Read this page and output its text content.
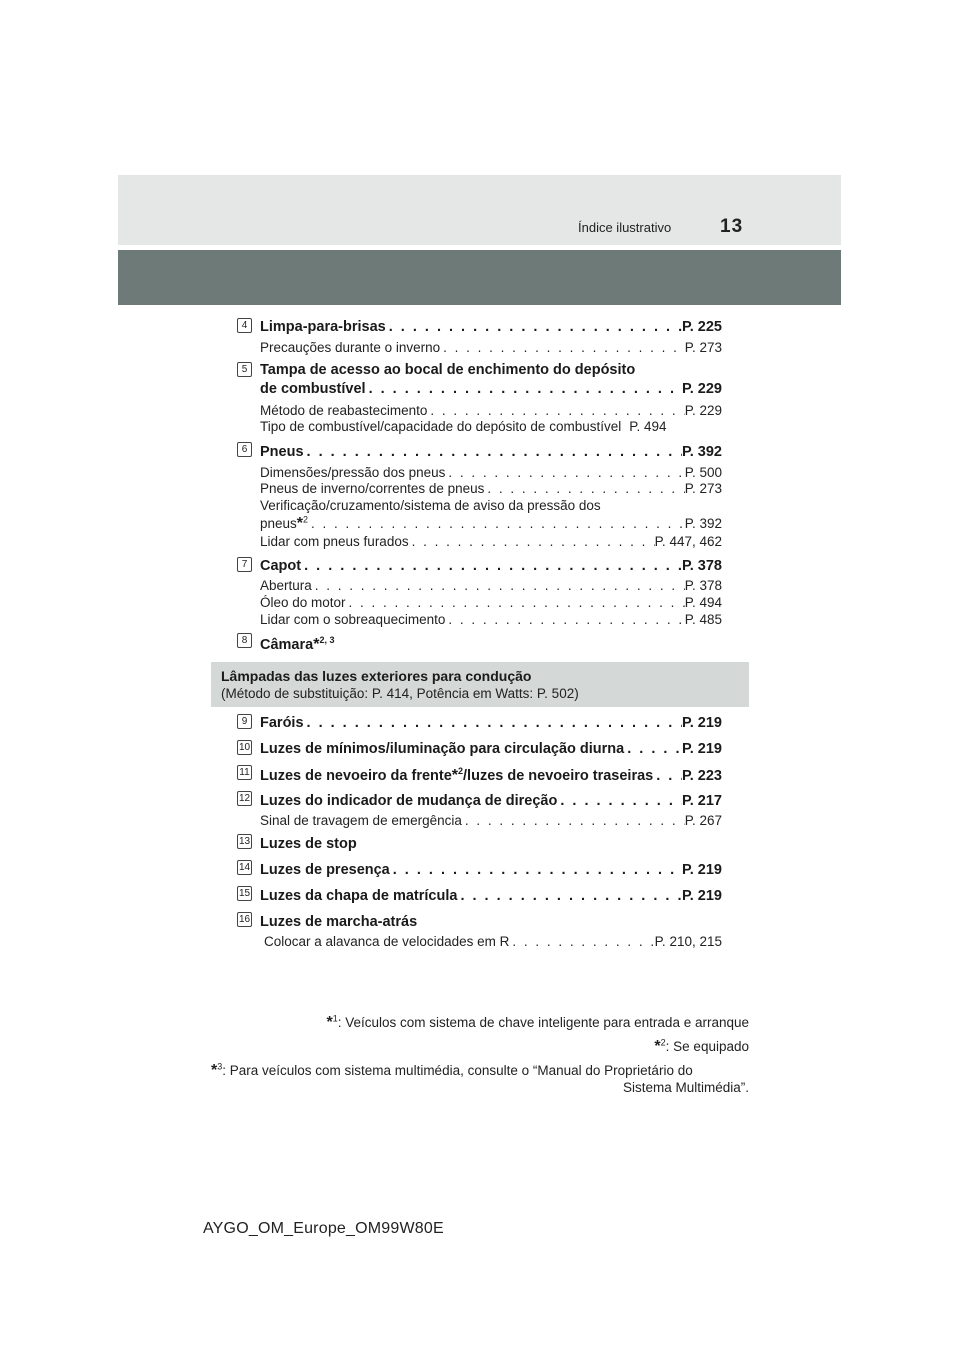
Índice ilustrativo	13
4 Limpa-para-brisas . . .	P. 225
Precauções durante o inverno . . .	P. 273
5 Tampa de acesso ao bocal de enchimento do depósito
de combustível . . .	P. 229
Método de reabastecimento . . .	P. 229
Tipo de combustível/capacidade do depósito de combustível P. 494
6 Pneus . . .	P. 392
Dimensões/pressão dos pneus . . .	P. 500
Pneus de inverno/correntes de pneus . . .	P. 273
Verificação/cruzamento/sistema de aviso da pressão dos
pneus*$^2$ . . .	P. 392
Lidar com pneus furados . . .	P. 447, 462
7 Capot . . .	P. 378
Abertura . . .	P. 378
Óleo do motor . . .	P. 494
Lidar com o sobreaquecimento . . .	P. 485
8 Câmara*$^{2, 3}$
Lâmpadas das luzes exteriores para condução
(Método de substituição: P. 414, Potência em Watts: P. 502)
9 Faróis . . .	P. 219
10 Luzes de mínimos/iluminação para circulação diurna . . .	P. 219
11 Luzes de nevoeiro da frente*$^2$/luzes de nevoeiro traseiras . . . P. 223
12 Luzes do indicador de mudança de direção . . .	P. 217
Sinal de travagem de emergência . . .	P. 267
13 Luzes de stop
14 Luzes de presença . . .	P. 219
15 Luzes da chapa de matrícula . . .	P. 219
16 Luzes de marcha-atrás
Colocar a alavanca de velocidades em R . . .	P. 210, 215
*$^1$: Veículos com sistema de chave inteligente para entrada e arranque
*$^2$: Se equipado
*$^3$: Para veículos com sistema multimédia, consulte o “Manual do Proprietário do
Sistema Multimédia”.
AYGO_OM_Europe_OM99W80E
